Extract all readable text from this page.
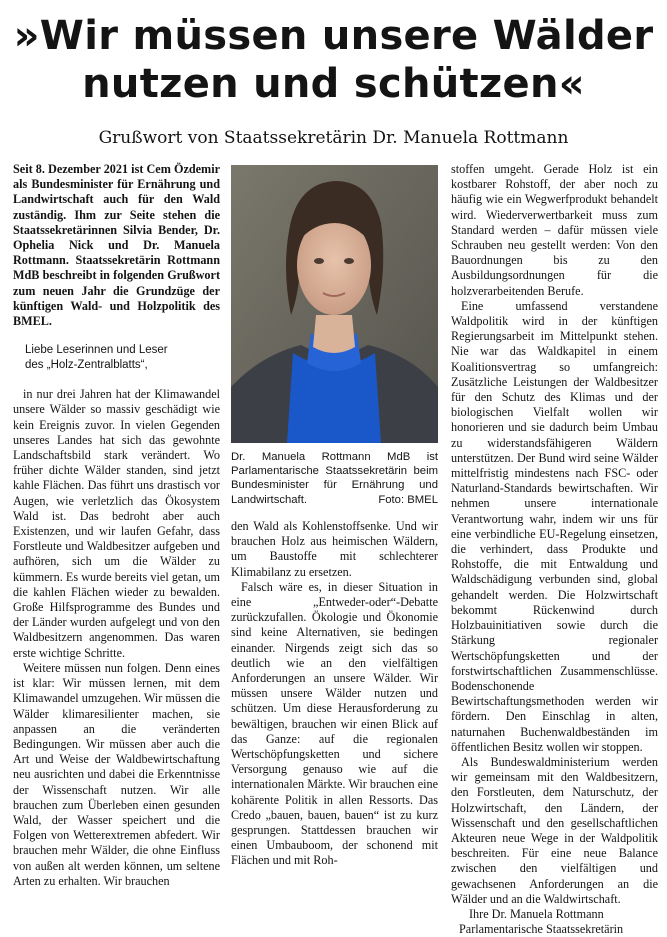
»Wir müssen unsere Wälder
nutzen und schützen«
Grußwort von Staatssekretärin Dr. Manuela Rottmann

Seit 8. Dezember 2021 ist Cem Özdemir als Bundesminister für Ernährung und Landwirtschaft auch für den Wald zuständig. Ihm zur Seite stehen die Staatssekretärinnen Silvia Bender, Dr. Ophelia Nick und Dr. Manuela Rottmann. Staatssekretärin Rottmann MdB beschreibt in folgenden Grußwort zum neuen Jahr die Grundzüge der künftigen Wald- und Holzpolitik des BMEL.

Liebe Leserinnen und Leser
des „Holz-Zentralblatts“,

in nur drei Jahren hat der Klimawandel unsere Wälder so massiv geschädigt wie kein Ereignis zuvor. In vielen Gegenden unseres Landes hat sich das gewohnte Landschaftsbild stark verändert. Wo früher dichte Wälder standen, sind jetzt kahle Flächen. Das führt uns drastisch vor Augen, wie verletzlich das Ökosystem Wald ist. Das bedroht aber auch Existenzen, und wir laufen Gefahr, dass Forstleute und Waldbesitzer aufgeben und aufhören, sich um die Wälder zu kümmern. Es wurde bereits viel getan, um die kahlen Flächen wieder zu bewalden. Große Hilfsprogramme des Bundes und der Länder wurden aufgelegt und von den Waldbesitzern angenommen. Das waren erste wichtige Schritte.

Weitere müssen nun folgen. Denn eines ist klar: Wir müssen lernen, mit dem Klimawandel umzugehen. Wir müssen die Wälder klimaresilienter machen, sie anpassen an die veränderten Bedingungen. Wir müssen aber auch die Art und Weise der Waldbewirtschaftung neu ausrichten und dabei die Erkenntnisse der Wissenschaft nutzen. Wir alle brauchen zum Überleben einen gesunden Wald, der Wasser speichert und die Folgen von Wetterextremen abfedert. Wir brauchen mehr Wälder, die ohne Einfluss von außen alt werden können, um seltene Arten zu erhalten. Wir brauchen

Dr. Manuela Rottmann MdB ist Parlamentarische Staatssekretärin beim Bundesminister für Ernährung und Landwirtschaft.	Foto: BMEL

den Wald als Kohlenstoffsenke. Und wir brauchen Holz aus heimischen Wäldern, um Baustoffe mit schlechterer Klimabilanz zu ersetzen.

Falsch wäre es, in dieser Situation in eine „Entweder-oder“-Debatte zurückzufallen. Ökologie und Ökonomie sind keine Alternativen, sie bedingen einander. Nirgends zeigt sich das so deutlich wie an den vielfältigen Anforderungen an unsere Wälder. Wir müssen unsere Wälder nutzen und schützen. Um diese Herausforderung zu bewältigen, brauchen wir einen Blick auf das Ganze: auf die regionalen Wertschöpfungsketten und sichere Versorgung genauso wie auf die internationalen Märkte. Wir brauchen eine kohärente Politik in allen Ressorts. Das Credo „bauen, bauen, bauen“ ist zu kurz gesprungen. Stattdessen brauchen wir einen Umbauboom, der schonend mit Flächen und mit Roh-

stoffen umgeht. Gerade Holz ist ein kostbarer Rohstoff, der aber noch zu häufig wie ein Wegwerfprodukt behandelt wird. Wiederverwertbarkeit muss zum Standard werden – dafür müssen viele Schrauben neu gestellt werden: Von den Bauordnungen bis zu den Ausbildungsordnungen für die holzverarbeitenden Berufe.

Eine umfassend verstandene Waldpolitik wird in der künftigen Regierungsarbeit im Mittelpunkt stehen. Nie war das Waldkapitel in einem Koalitionsvertrag so umfangreich: Zusätzliche Leistungen der Waldbesitzer für den Schutz des Klimas und der biologischen Vielfalt wollen wir honorieren und sie dadurch beim Umbau zu widerstandsfähigeren Wäldern unterstützen. Der Bund wird seine Wälder mittelfristig mindestens nach FSC- oder Naturland-Standards bewirtschaften. Wir nehmen unsere internationale Verantwortung wahr, indem wir uns für eine verbindliche EU-Regelung einsetzen, die verhindert, dass Produkte und Rohstoffe, die mit Entwaldung und Waldschädigung verbunden sind, global gehandelt werden. Die Holzwirtschaft bekommt Rückenwind durch Holzbauinitiativen sowie durch die Stärkung regionaler Wertschöpfungsketten und der forstwirtschaftlichen Zusammenschlüsse. Bodenschonende Bewirtschaftungsmethoden werden wir fördern. Den Einschlag in alten, naturnahen Buchenwaldbeständen im öffentlichen Besitz wollen wir stoppen.

Als Bundeswaldministerium werden wir gemeinsam mit den Waldbesitzern, den Forstleuten, dem Naturschutz, der Holzwirtschaft, den Ländern, der Wissenschaft und den gesellschaftlichen Akteuren neue Wege in der Waldpolitik beschreiten. Für eine neue Balance zwischen den vielfältigen und gewachsenen Anforderungen an die Wälder und an die Waldwirtschaft.

Ihre Dr. Manuela Rottmann
Parlamentarische Staatssekretärin
